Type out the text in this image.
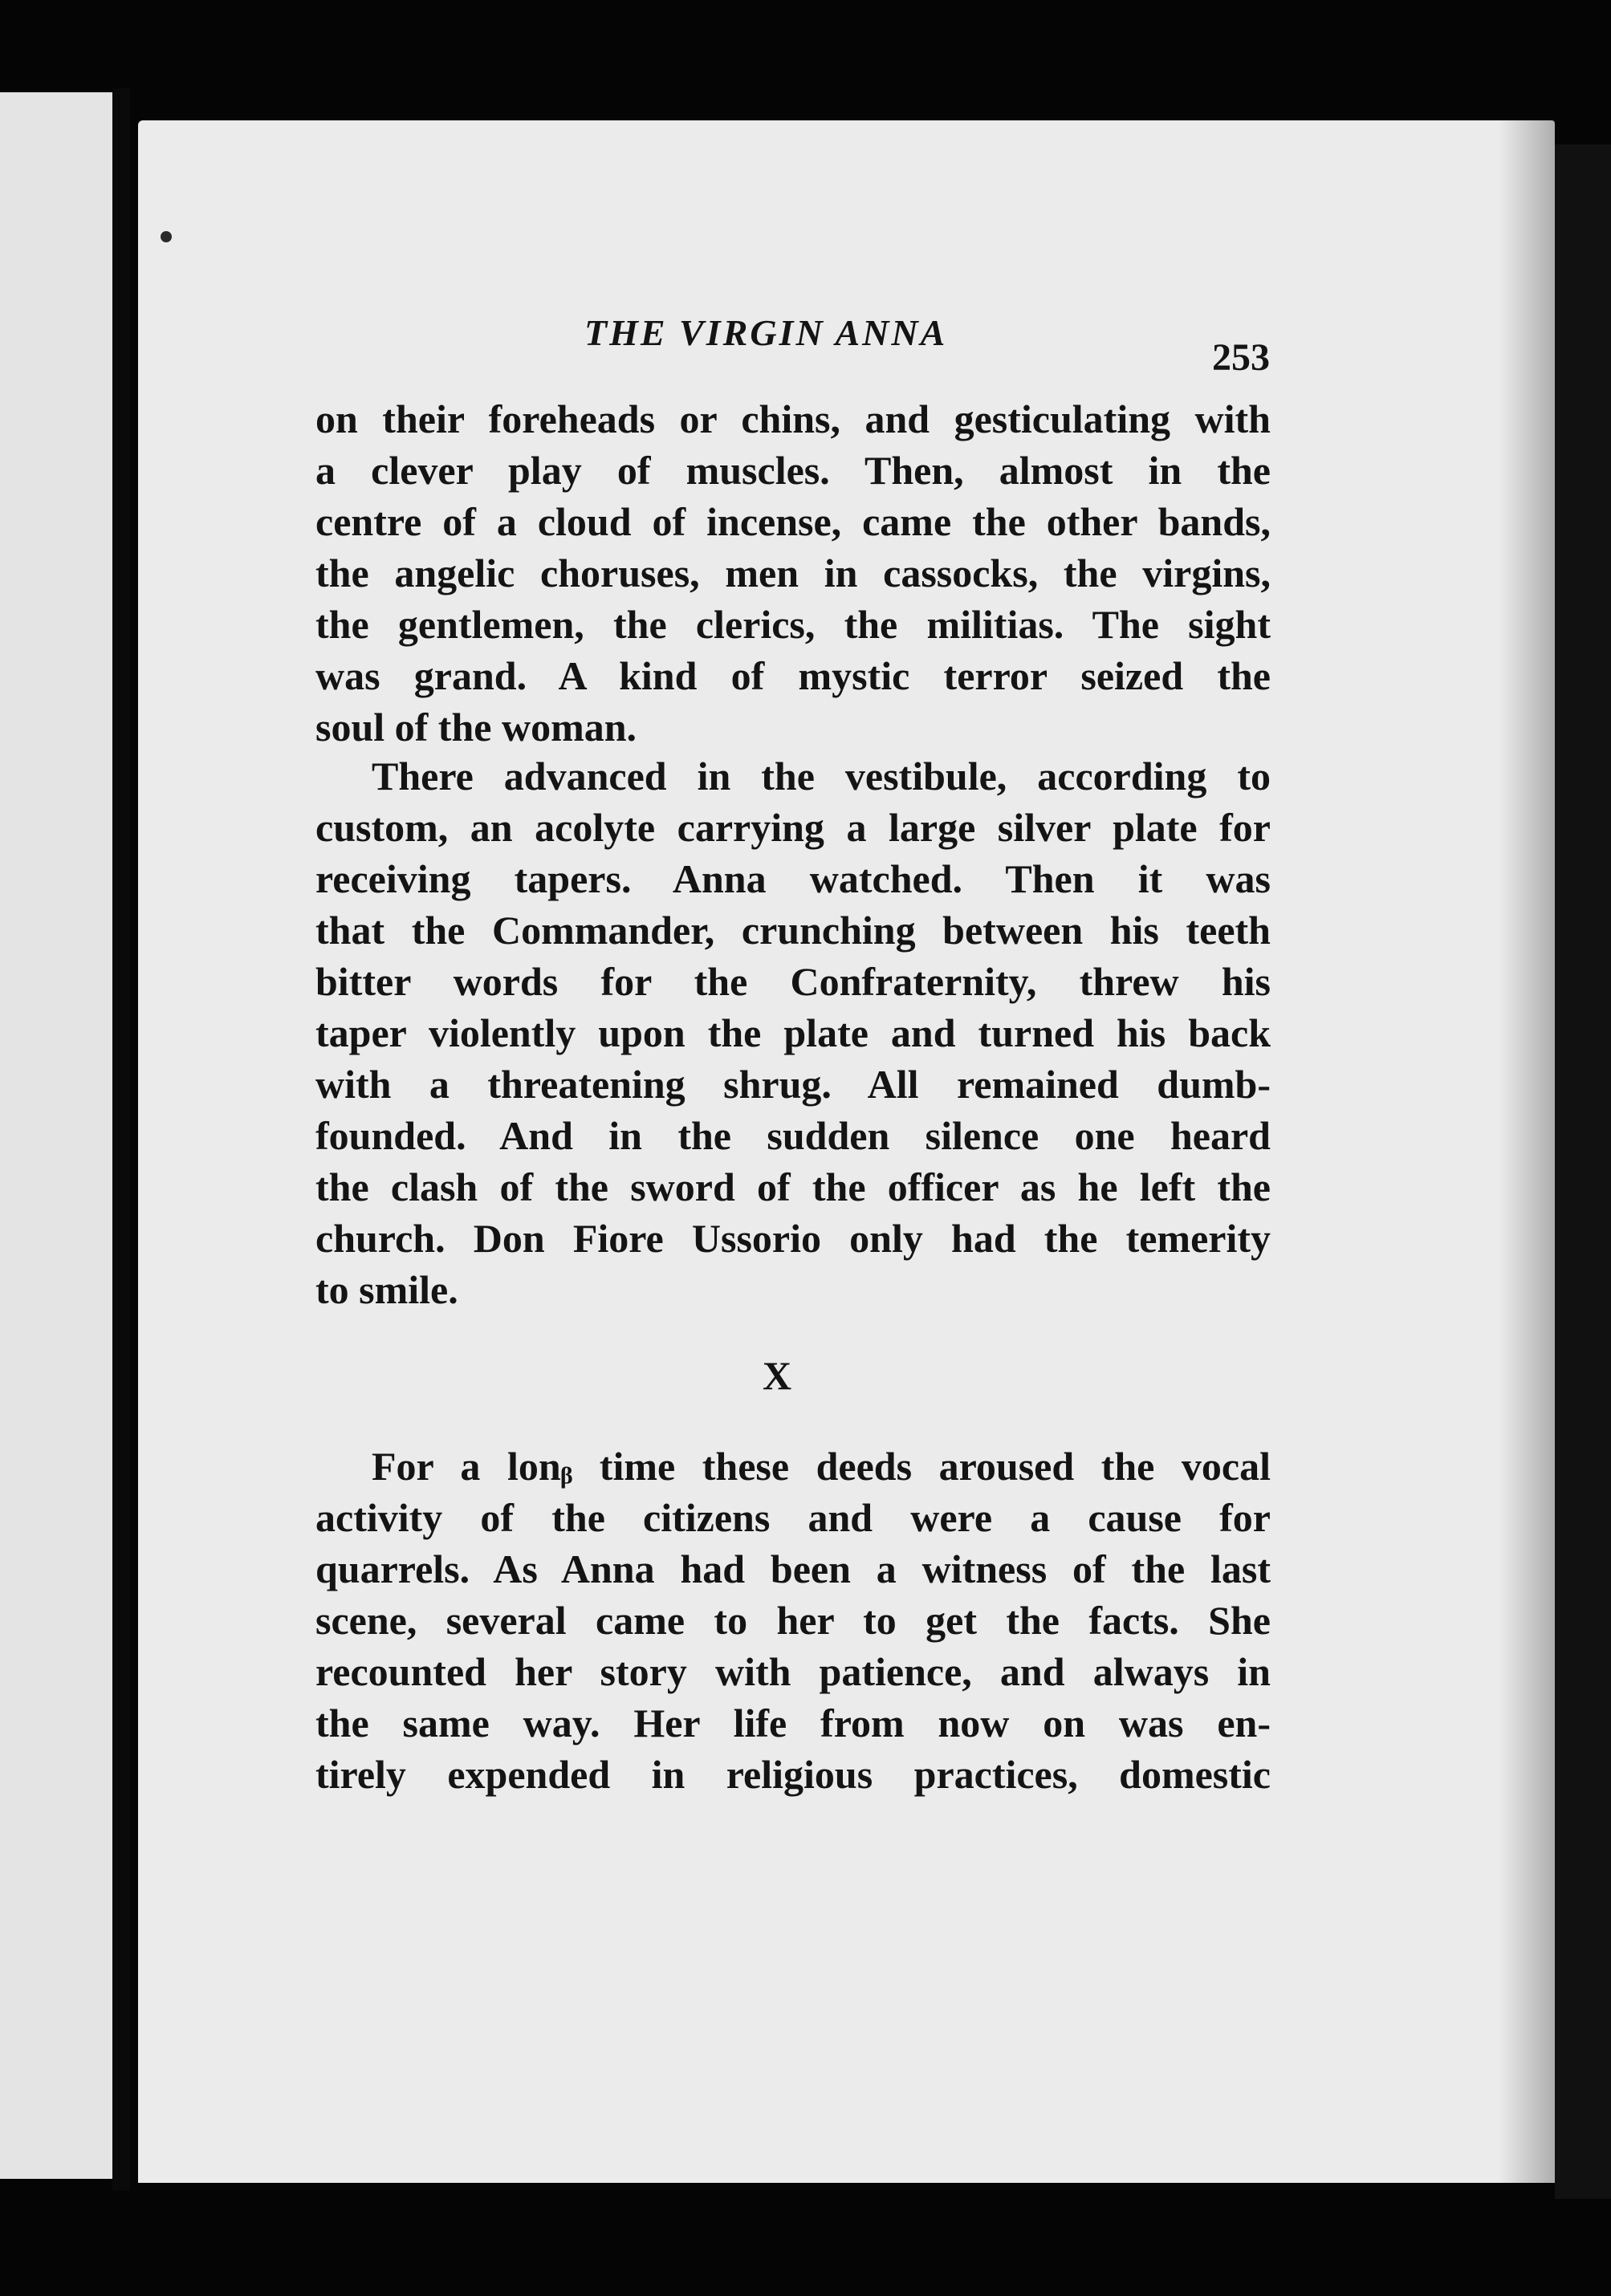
THE VIRGIN ANNA
253
on their foreheads or chins, and gesticulating with
a clever play of muscles. Then, almost in the
centre of a cloud of incense, came the other bands,
the angelic choruses, men in cassocks, the virgins,
the gentlemen, the clerics, the militias. The sight
was grand. A kind of mystic terror seized the
soul of the woman.
There advanced in the vestibule, according to
custom, an acolyte carrying a large silver plate for
receiving tapers. Anna watched. Then it was
that the Commander, crunching between his teeth
bitter words for the Confraternity, threw his
taper violently upon the plate and turned his back
with a threatening shrug. All remained dumb-
founded. And in the sudden silence one heard
the clash of the sword of the officer as he left the
church. Don Fiore Ussorio only had the temerity
to smile.
X
For a lonᵦ time these deeds aroused the vocal
activity of the citizens and were a cause for
quarrels. As Anna had been a witness of the last
scene, several came to her to get the facts. She
recounted her story with patience, and always in
the same way. Her life from now on was en-
tirely expended in religious practices, domestic
